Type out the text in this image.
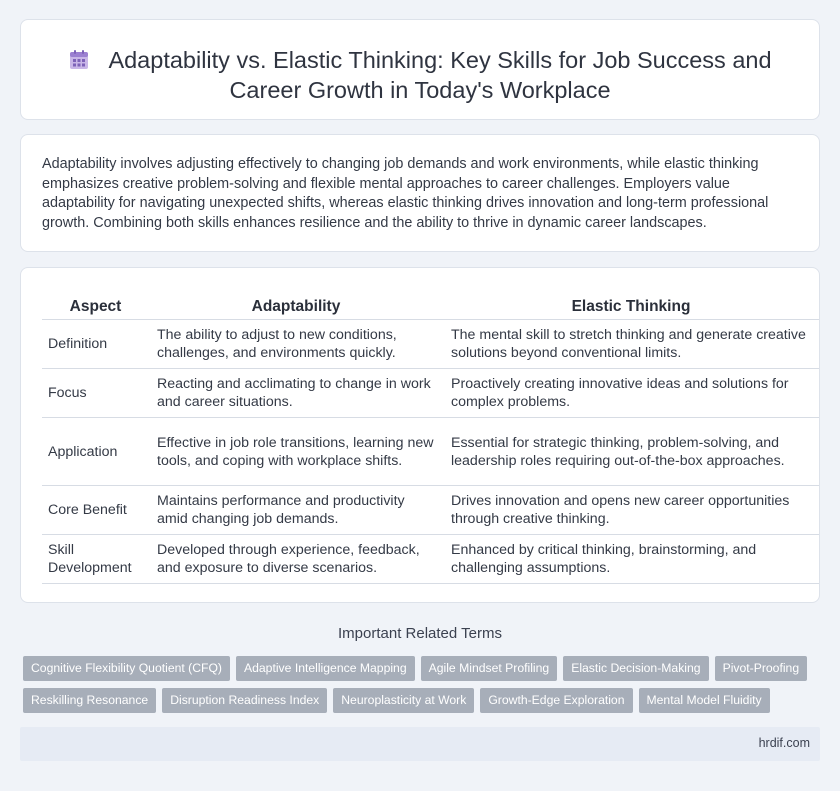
Adaptability vs. Elastic Thinking: Key Skills for Job Success and Career Growth in Today's Workplace

Adaptability involves adjusting effectively to changing job demands and work environments, while elastic thinking emphasizes creative problem-solving and flexible mental approaches to career challenges. Employers value adaptability for navigating unexpected shifts, whereas elastic thinking drives innovation and long-term professional growth. Combining both skills enhances resilience and the ability to thrive in dynamic career landscapes.

Aspect	Adaptability	Elastic Thinking
Definition	The ability to adjust to new conditions, challenges, and environments quickly.	The mental skill to stretch thinking and generate creative solutions beyond conventional limits.
Focus	Reacting and acclimating to change in work and career situations.	Proactively creating innovative ideas and solutions for complex problems.
Application	Effective in job role transitions, learning new tools, and coping with workplace shifts.	Essential for strategic thinking, problem-solving, and leadership roles requiring out-of-the-box approaches.
Core Benefit	Maintains performance and productivity amid changing job demands.	Drives innovation and opens new career opportunities through creative thinking.
Skill Development	Developed through experience, feedback, and exposure to diverse scenarios.	Enhanced by critical thinking, brainstorming, and challenging assumptions.
Important Related Terms
Cognitive Flexibility Quotient (CFQ)	Adaptive Intelligence Mapping	Agile Mindset Profiling	Elastic Decision-Making	Pivot-Proofing
Reskilling Resonance	Disruption Readiness Index	Neuroplasticity at Work	Growth-Edge Exploration	Mental Model Fluidity
hrdif.com
